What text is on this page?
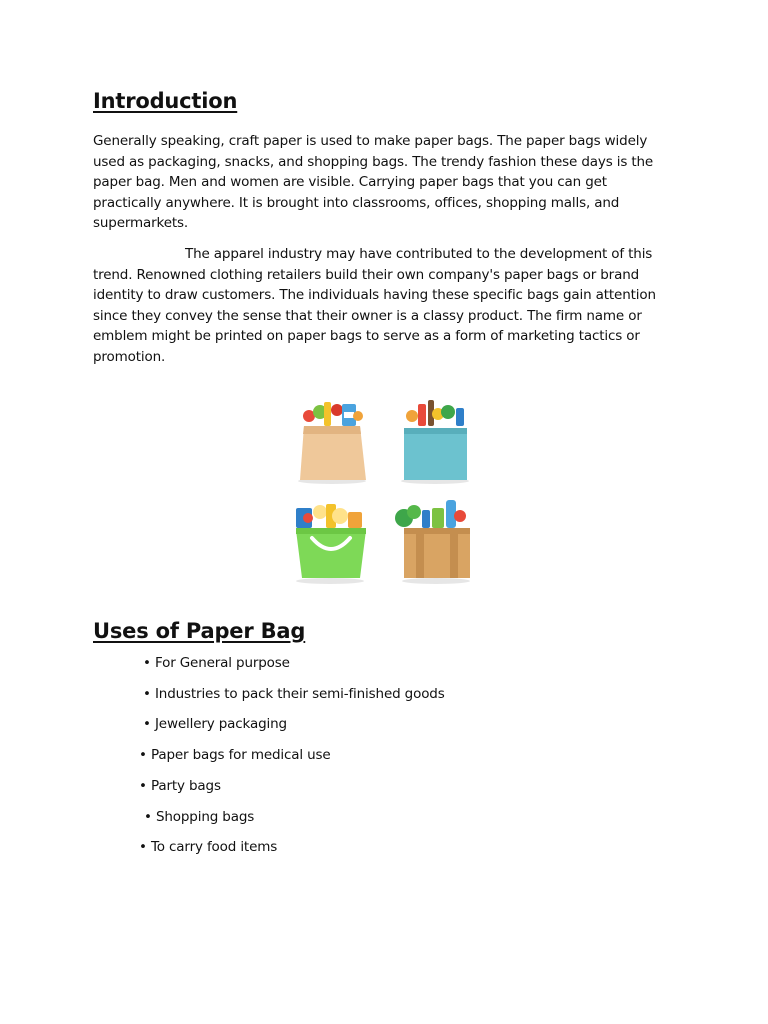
Introduction

Generally speaking, craft paper is used to make paper bags. The paper bags widely used as packaging, snacks, and shopping bags. The trendy fashion these days is the paper bag. Men and women are visible. Carrying paper bags that you can get practically anywhere. It is brought into classrooms, offices, shopping malls, and supermarkets.

The apparel industry may have contributed to the development of this trend. Renowned clothing retailers build their own company's paper bags or brand identity to draw customers. The individuals having these specific bags gain attention since they convey the sense that their owner is a classy product. The firm name or emblem might be printed on paper bags to serve as a form of marketing tactics or promotion.

Uses of Paper Bag
• For General purpose
• Industries to pack their semi-finished goods
• Jewellery packaging
• Paper bags for medical use
• Party bags
• Shopping bags
• To carry food items
